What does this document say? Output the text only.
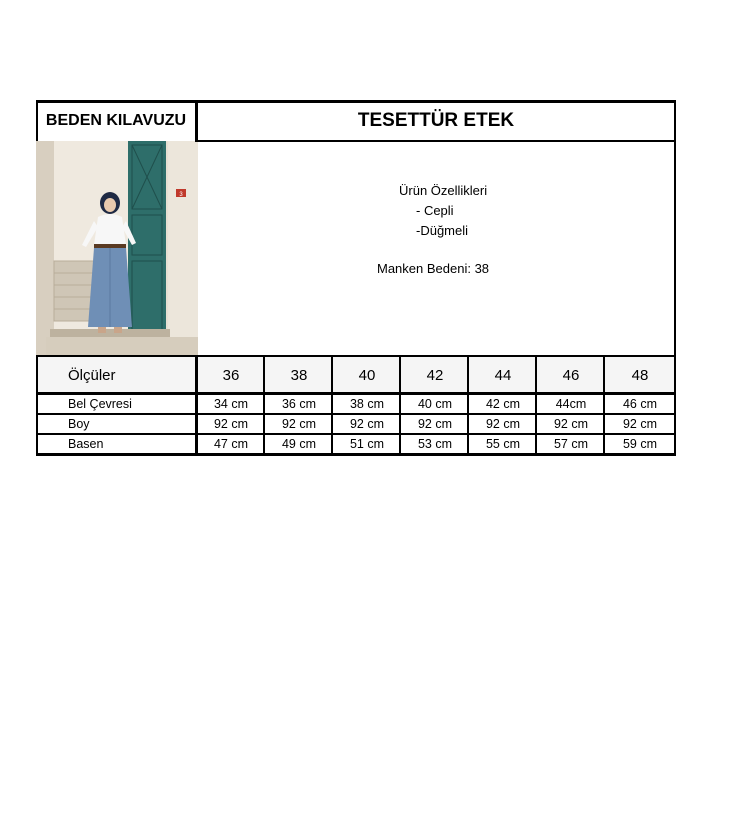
BEDEN KILAVUZU	TESETTÜR ETEK
3	Ürün Özellikleri
- Cepli
-Düğmeli
Manken Bedeni: 38
Ölçüler	36	38	40	42	44	46	48
Bel Çevresi	34 cm	36 cm	38 cm	40 cm	42 cm	44cm	46 cm
Boy	92 cm	92 cm	92 cm	92 cm	92 cm	92 cm	92 cm
Basen	47 cm	49 cm	51 cm	53 cm	55 cm	57 cm	59 cm
